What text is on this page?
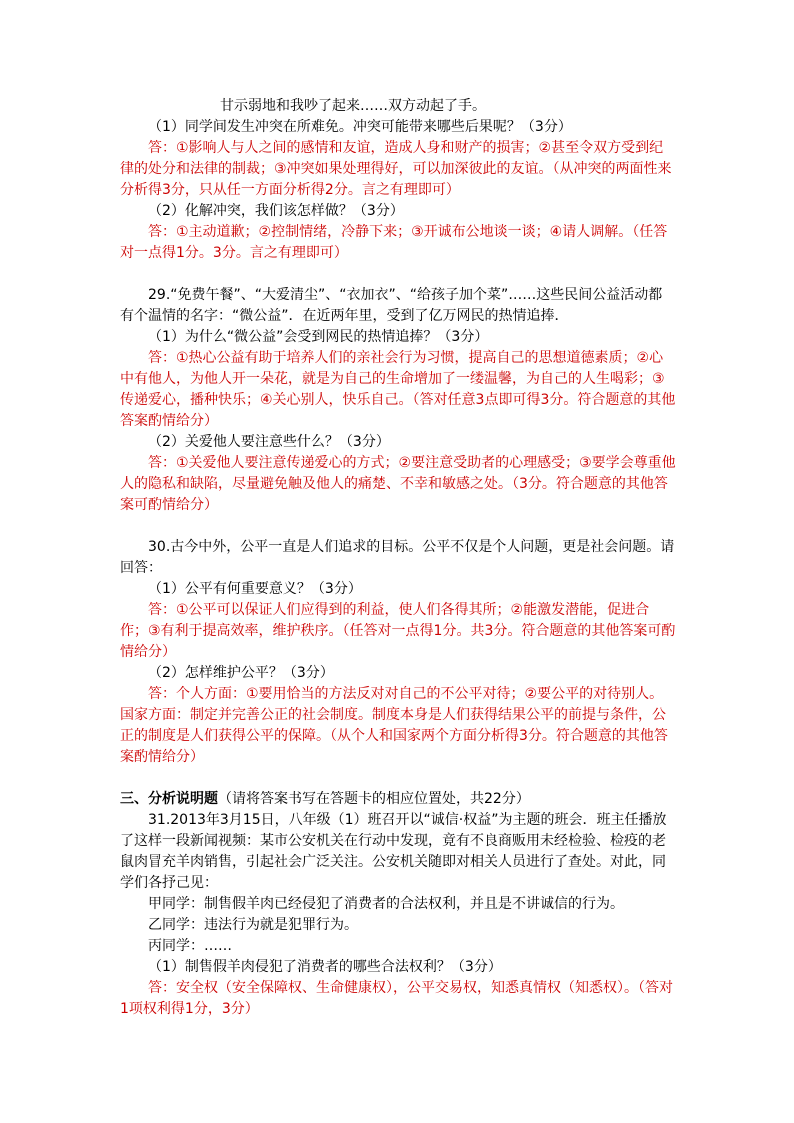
甘示弱地和我吵了起来……双方动起了手。

（1）同学间发生冲突在所难免。冲突可能带来哪些后果呢？（3分）

答：①影响人与人之间的感情和友谊，造成人身和财产的损害；②甚至令双方受到纪律的处分和法律的制裁；③冲突如果处理得好，可以加深彼此的友谊。（从冲突的两面性来分析得3分，只从任一方面分析得2分。言之有理即可）

（2）化解冲突，我们该怎样做？（3分）

答：①主动道歉；②控制情绪，冷静下来；③开诚布公地谈一谈；④请人调解。（任答对一点得1分。3分。言之有理即可）

29.“免费午餐”、“大爱清尘”、“衣加衣”、“给孩子加个菜”……这些民间公益活动都有个温情的名字：“微公益”．在近两年里，受到了亿万网民的热情追捧．

（1）为什么“微公益”会受到网民的热情追捧？（3分）

答：①热心公益有助于培养人们的亲社会行为习惯，提高自己的思想道德素质；②心中有他人，为他人开一朵花，就是为自己的生命增加了一缕温馨，为自己的人生喝彩；③传递爱心，播种快乐；④关心别人，快乐自己。（答对任意3点即可得3分。符合题意的其他答案酌情给分）

（2）关爱他人要注意些什么？（3分）

答：①关爱他人要注意传递爱心的方式；②要注意受助者的心理感受；③要学会尊重他人的隐私和缺陷，尽量避免触及他人的痛楚、不幸和敏感之处。（3分。符合题意的其他答案可酌情给分）

30.古今中外，公平一直是人们追求的目标。公平不仅是个人问题，更是社会问题。请回答：

（1）公平有何重要意义？（3分）

答：①公平可以保证人们应得到的利益，使人们各得其所；②能激发潜能，促进合作；③有利于提高效率，维护秩序。（任答对一点得1分。共3分。符合题意的其他答案可酌情给分）

（2）怎样维护公平？（3分）

答：个人方面：①要用恰当的方法反对对自己的不公平对待；②要公平的对待别人。国家方面：制定并完善公正的社会制度。制度本身是人们获得结果公平的前提与条件，公正的制度是人们获得公平的保障。（从个人和国家两个方面分析得3分。符合题意的其他答案酌情给分）

三、分析说明题（请将答案书写在答题卡的相应位置处，共22分）

31.2013年3月15日，八年级（1）班召开以“诚信·权益”为主题的班会．班主任播放了这样一段新闻视频：某市公安机关在行动中发现，竟有不良商贩用未经检验、检疫的老鼠肉冒充羊肉销售，引起社会广泛关注。公安机关随即对相关人员进行了查处。对此，同学们各抒己见：

甲同学：制售假羊肉已经侵犯了消费者的合法权利，并且是不讲诚信的行为。

乙同学：违法行为就是犯罪行为。

丙同学：……

（1）制售假羊肉侵犯了消费者的哪些合法权利？（3分）

答：安全权（安全保障权、生命健康权），公平交易权，知悉真情权（知悉权）。（答对1项权利得1分，3分）
